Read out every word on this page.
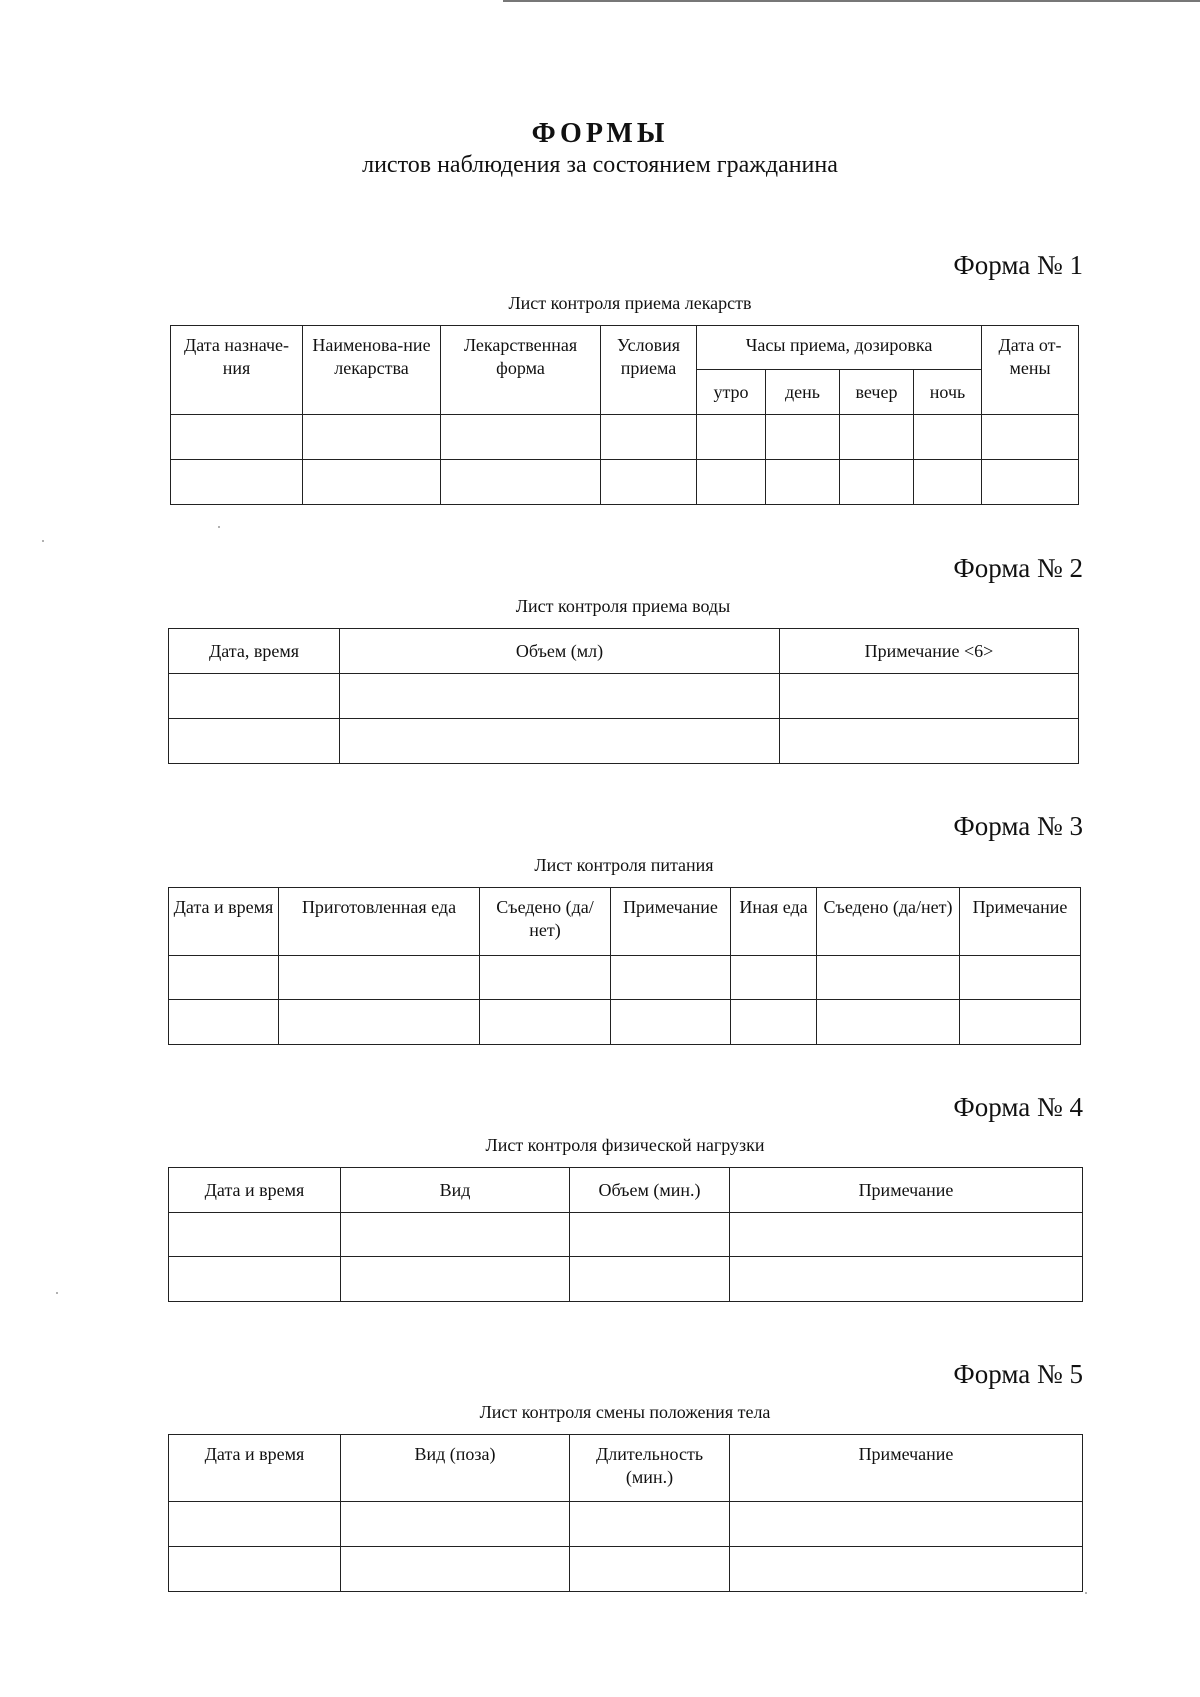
ФОРМЫ
листов наблюдения за состоянием гражданина
Форма № 1
Лист контроля приема лекарств
Дата назначе-ния	Наименова-ние лекарства	Лекарственная форма	Условия приема	Часы приема, дозировка				Дата от-мены
				утро	день	вечер	ночь	

Форма № 2
Лист контроля приема воды
Дата, время	Объем (мл)	Примечание <6>

Форма № 3
Лист контроля питания
Дата и время	Приготовленная еда	Съедено (да/нет)	Примечание	Иная еда	Съедено (да/нет)	Примечание

Форма № 4
Лист контроля физической нагрузки
Дата и время	Вид	Объем (мин.)	Примечание

Форма № 5
Лист контроля смены положения тела
Дата и время	Вид (поза)	Длительность (мин.)	Примечание
